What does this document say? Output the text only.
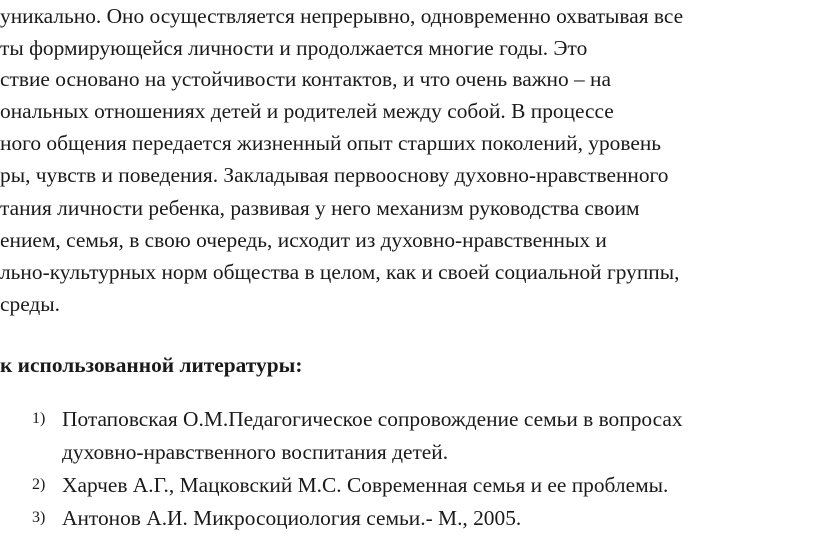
уникально. Оно осуществляется непрерывно, одновременно охватывая все
ты формирующейся личности и продолжается многие годы. Это
ствие основано на устойчивости контактов, и что очень важно – на
ональных отношениях детей и родителей между собой. В процессе
ного общения передается жизненный опыт старших поколений, уровень
ры, чувств и поведения. Закладывая первооснову духовно-нравственного
тания личности ребенка, развивая у него механизм руководства своим
ением, семья, в свою очередь, исходит из духовно-нравственных и
льно-культурных норм общества в целом, как и своей социальной группы,
среды.
к использованной литературы:
1) Потаповская О.М.Педагогическое сопровождение семьи в вопросах
духовно-нравственного воспитания детей.
2) Харчев А.Г., Мацковский М.С. Современная семья и ее проблемы.
3) Антонов А.И. Микросоциология семьи.- М., 2005.
